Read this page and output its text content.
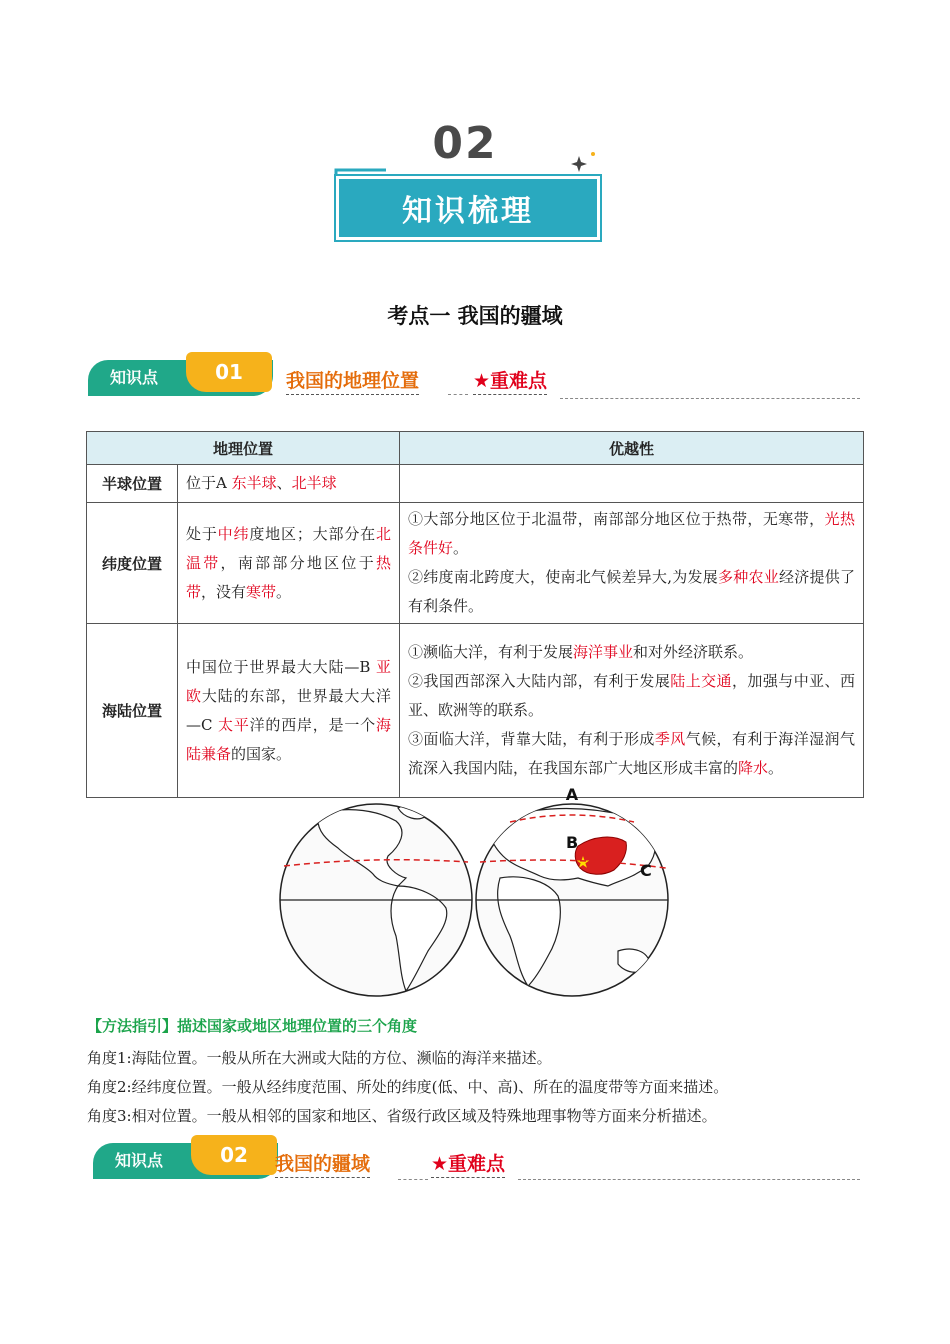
02
知识梳理
考点一 我国的疆域
知识点	01	我国的地理位置	★重难点
地理位置		优越性
半球位置	位于A 东半球、北半球	
纬度位置	处于中纬度地区；大部分在北温带，南部部分地区位于热带，没有寒带。	①大部分地区位于北温带，南部部分地区位于热带，无寒带，光热条件好。
②纬度南北跨度大，使南北气候差异大,为发展多种农业经济提供了有利条件。

海陆位置	中国位于世界最大大陆—B 亚欧大陆的东部，世界最大大洋—C 太平洋的西岸，是一个海陆兼备的国家。	①濒临大洋，有利于发展海洋事业和对外经济联系。
②我国西部深入大陆内部，有利于发展陆上交通，加强与中亚、西亚、欧洲等的联系。
③面临大洋，背靠大陆，有利于形成季风气候，有利于海洋湿润气流深入我国内陆，在我国东部广大地区形成丰富的降水。
A
B
C
【方法指引】描述国家或地区地理位置的三个角度
角度1:海陆位置。一般从所在大洲或大陆的方位、濒临的海洋来描述。
角度2:经纬度位置。一般从经纬度范围、所处的纬度(低、中、高)、所在的温度带等方面来描述。
角度3:相对位置。一般从相邻的国家和地区、省级行政区域及特殊地理事物等方面来分析描述。
知识点	02	我国的疆域	★重难点
